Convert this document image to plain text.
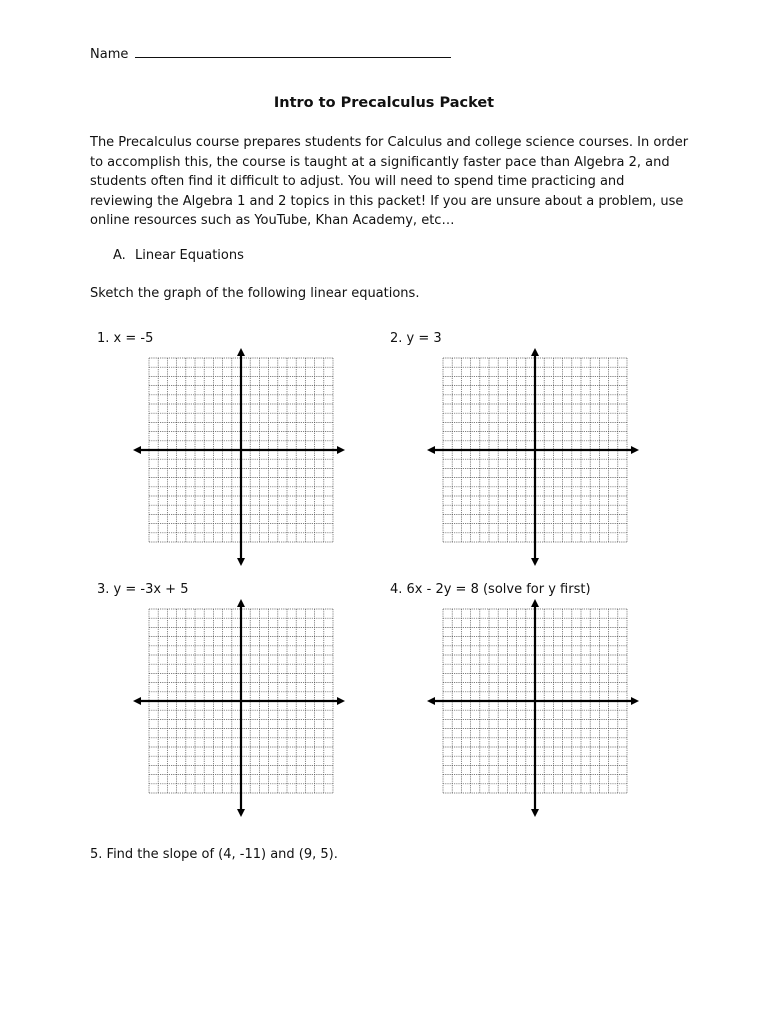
Name
Intro to Precalculus Packet
The Precalculus course prepares students for Calculus and college science courses. In order to accomplish this, the course is taught at a significantly faster pace than Algebra 2, and students often find it difficult to adjust. You will need to spend time practicing and reviewing the Algebra 1 and 2 topics in this packet! If you are unsure about a problem, use online resources such as YouTube, Khan Academy, etc…
A. Linear Equations
Sketch the graph of the following linear equations.
1. x = -5	2. y = 3
3. y = -3x + 5	4. 6x - 2y = 8 (solve for y first)
5. Find the slope of (4, -11) and (9, 5).
